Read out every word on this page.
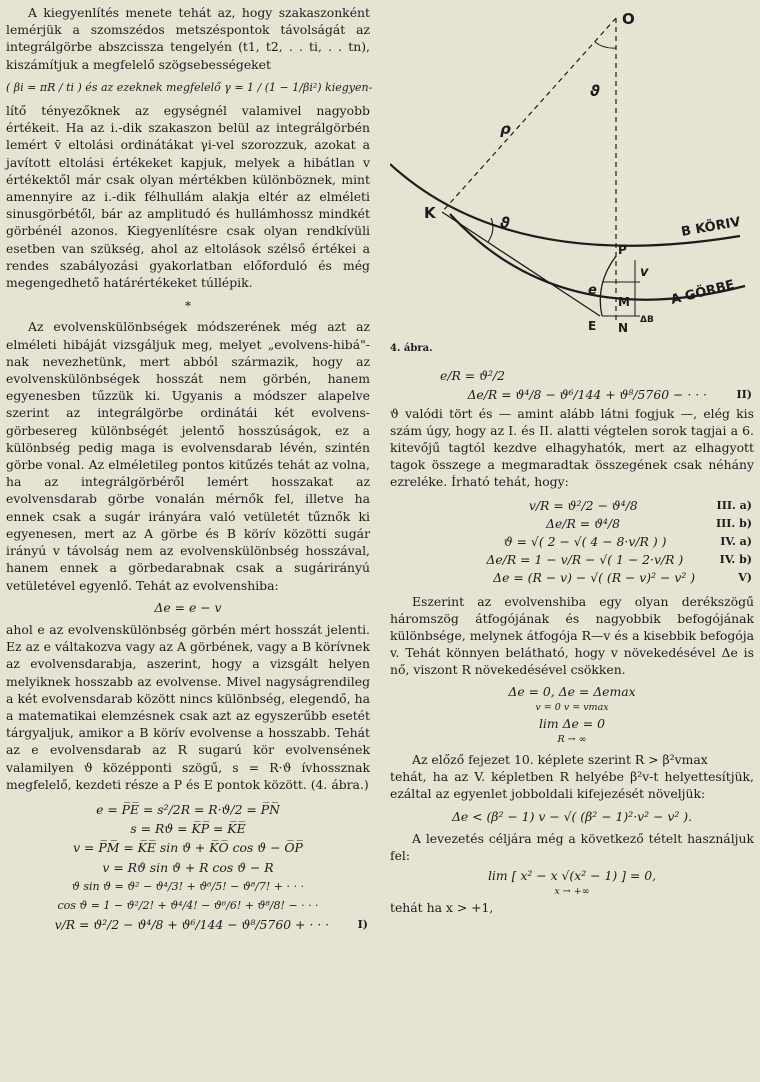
A kiegyenlítés menete tehát az, hogy szakaszonként lemérjük a szomszédos metszéspontok távolságát az integrálgörbe abszcissza tengelyén (t1, t2, . . ti, . . tn), kiszámítjuk a megfelelő szögsebességeket

( βi = πR / ti ) és az ezeknek megfelelő γ = 1 / (1 − 1/βi²) kiegyen-

lítő tényezőknek az egységnél valamivel nagyobb értékeit. Ha az i.-dik szakaszon belül az integrálgörbén lemért v̄ eltolási ordinátákat γi-vel szorozzuk, azokat a javított eltolási értékeket kapjuk, melyek a hibátlan v értékektől már csak olyan mértékben különböznek, mint amennyire az i.-dik félhullám alakja eltér az elméleti sinusgörbétől, bár az amplitudó és hullámhossz mindkét görbénél azonos. Kiegyenlítésre csak olyan rendkívüli esetben van szükség, ahol az eltolások szélső értékei a rendes szabályozási gyakorlatban előforduló és még megengedhető határértékeket túllépik.

*

Az evolvenskülönbségek módszerének még azt az elméleti hibáját vizsgáljuk meg, melyet „evolvens-hibá"-nak nevezhetünk, mert abból származik, hogy az evolvenskülönbségek hosszát nem görbén, hanem egyenesben tűzzük ki. Ugyanis a módszer alapelve szerint az integrálgörbe ordinátái két evolvens-görbesereg különbségét jelentő hosszúságok, ez a különbség pedig maga is evolvensdarab lévén, szintén görbe vonal. Az elméletileg pontos kitűzés tehát az volna, ha az integrálgörbéről lemért hosszakat az evolvensdarab görbe vonalán mérnők fel, illetve ha ennek csak a sugár irányára való vetületét tűznők ki egyenesen, mert az A görbe és B körív közötti sugár irányú v távolság nem az evolvenskülönbség hosszával, hanem ennek a görbedarabnak csak a sugárirányú vetületével egyenlő. Tehát az evolvenshiba:

Δe = e − v

ahol e az evolvenskülönbség görbén mért hosszát jelenti. Ez az e váltakozva vagy az A görbének, vagy a B körívnek az evolvensdarabja, aszerint, hogy a vizsgált helyen melyiknek hosszabb az evolvense. Mivel nagyságrendileg a két evolvensdarab között nincs különbség, elegendő, ha a matematikai elemzésnek csak azt az egyszerűbb esetét tárgyaljuk, amikor a B körív evolvense a hosszabb. Tehát az e evolvensdarab az R sugarú kör evolvensének valamilyen ϑ középponti szögű, s = R·ϑ ívhossznak megfelelő, kezdeti része a P és E pontok között. (4. ábra.)

e = P̅E̅ = s²/2R = R·ϑ/2 = P̅N̅
s = Rϑ = K̅P̅ = K̅E̅
v = P̅M̅ = K̅E̅ sin ϑ + K̅O̅ cos ϑ − O̅P̅
v = Rϑ sin ϑ + R cos ϑ − R
ϑ sin ϑ = ϑ² − ϑ⁴/3! + ϑ⁶/5! − ϑ⁸/7! + · · ·
cos ϑ = 1 − ϑ²/2! + ϑ⁴/4! − ϑ⁶/6! + ϑ⁸/8! − · · ·
v/R = ϑ²/2 − ϑ⁴/8 + ϑ⁶/144 − ϑ⁸/5760 + · · ·	I)
O
K
P
E
M
N
ρ
ϑ
ϑ
e
v
ΔB
B KÖRIV
A GÖRBE
4. ábra.
e/R = ϑ²/2
Δe/R = ϑ⁴/8 − ϑ⁶/144 + ϑ⁸/5760 − · · ·	II)

ϑ valódi tört és — amint alább látni fogjuk —, elég kis szám úgy, hogy az I. és II. alatti végtelen sorok tagjai a 6. kitevőjű tagtól kezdve elhagyhatók, mert az elhagyott tagok összege a megmaradtak összegének csak néhány ezreléke. Írható tehát, hogy:

v/R = ϑ²/2 − ϑ⁴/8	III. a)
Δe/R = ϑ⁴/8	III. b)
ϑ = √( 2 − √( 4 − 8·v/R ) )	IV. a)
Δe/R = 1 − v/R − √( 1 − 2·v/R )	IV. b)
Δe = (R − v) − √( (R − v)² − v² )	V)

Eszerint az evolvenshiba egy olyan derékszögű háromszög átfogójának és nagyobbik befogójának különbsége, melynek átfogója R—v és a kisebbik befogója v. Tehát könnyen belátható, hogy v növekedésével Δe is nő, viszont R növekedésével csökken.

Δe = 0, Δe = Δemax
v = 0 v = vmax
lim Δe = 0
R → ∞

Az előző fejezet 10. képlete szerint R > β²vmax

tehát, ha az V. képletben R helyébe β²v-t helyettesítjük, ezáltal az egyenlet jobboldali kifejezését növeljük:

Δe < (β² − 1) v − √( (β² − 1)²·v² − v² ).

A levezetés céljára még a következő tételt használjuk fel:

lim [ x² − x √(x² − 1) ] = 0,
x → +∞

tehát ha x > +1,
